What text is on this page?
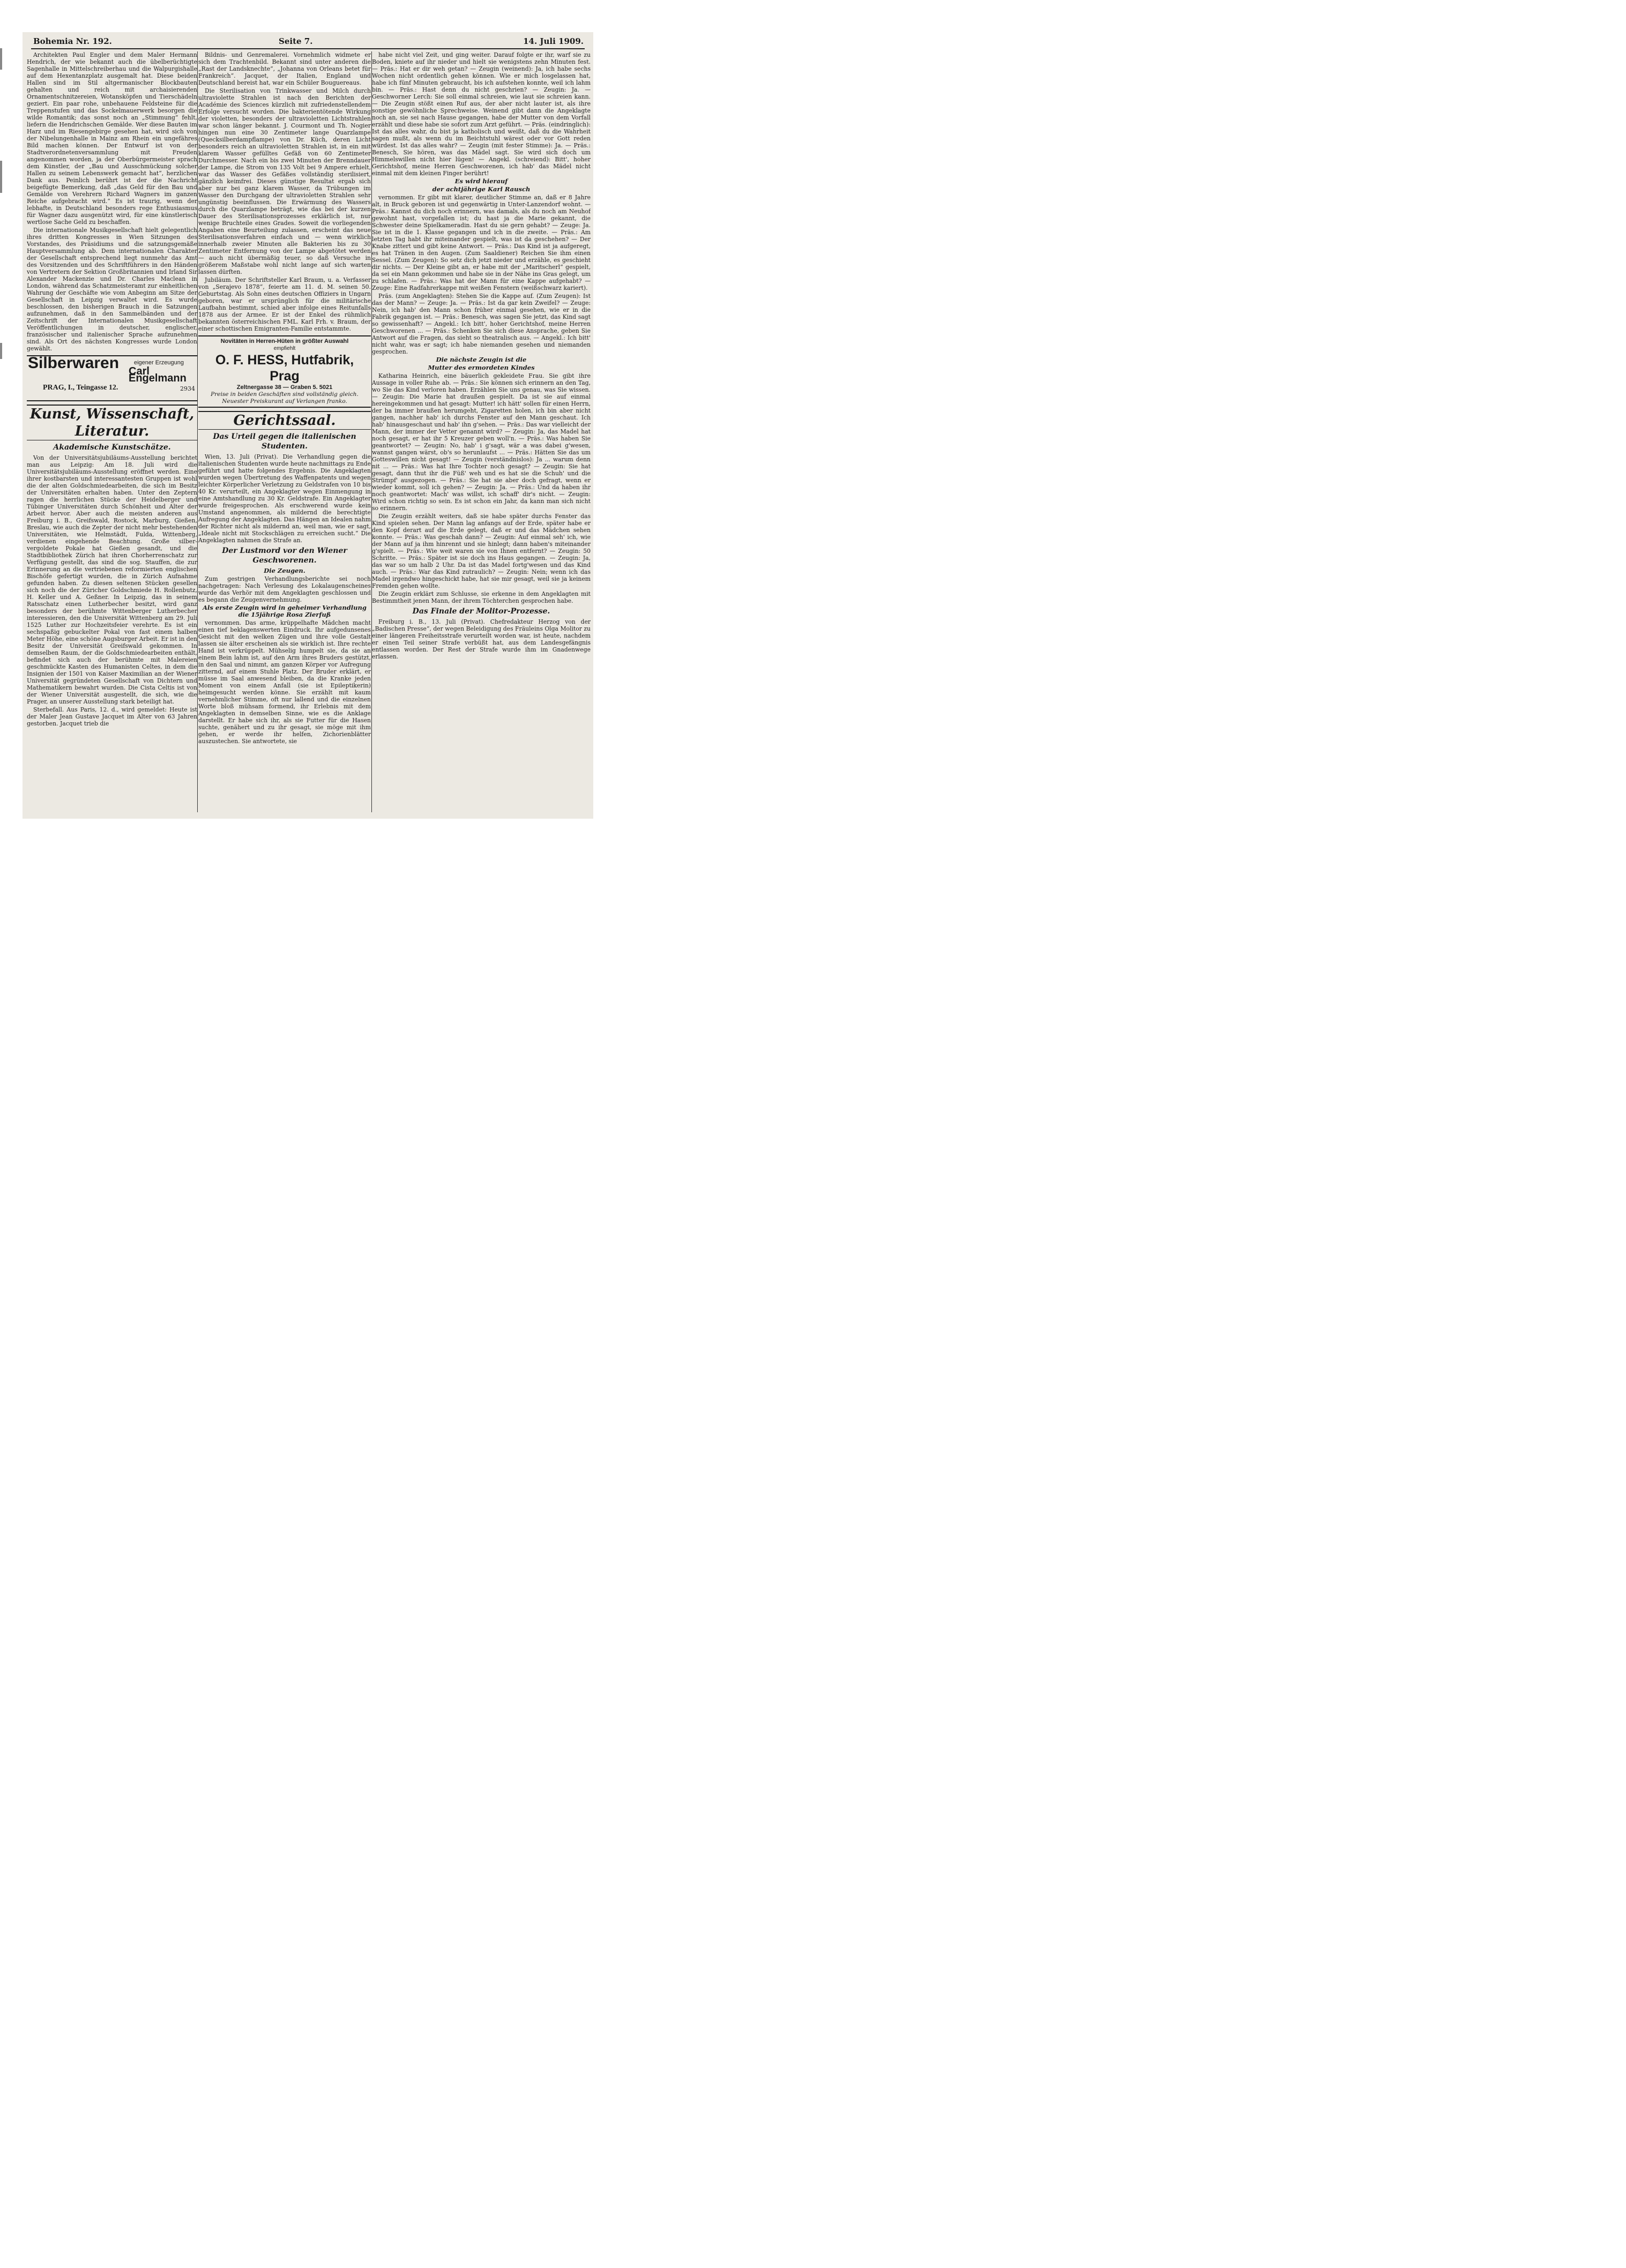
Bohemia Nr. 192.	Seite 7.	14. Juli 1909.

Architekten Paul Engler und dem Maler Hermann Hendrich, der wie bekannt auch die übelberüchtigte Sagenhalle in Mittelschreiberhau und die Walpurgishalle auf dem Hexentanzplatz ausgemalt hat. Diese beiden Hallen sind im Stil altgermanischer Blockbauten gehalten und reich mit archaisierenden Ornamentschnitzereien, Wotansköpfen und Tierschädeln geziert. Ein paar rohe, unbehauene Feldsteine für die Treppenstufen und das Sockelmauerwerk besorgen die wilde Romantik; das sonst noch an „Stimmung“ fehlt, liefern die Hendrichschen Gemälde. Wer diese Bauten im Harz und im Riesengebirge gesehen hat, wird sich von der Nibelungenhalle in Mainz am Rhein ein ungefähres Bild machen können. Der Entwurf ist von der Stadtverordnetenversammlung mit Freuden angenommen worden, ja der Oberbürgermeister sprach dem Künstler, der „Bau und Ausschmückung solcher Hallen zu seinem Lebenswerk gemacht hat“, herzlichen Dank aus. Peinlich berührt ist der die Nachricht beigefügte Bemerkung, daß „das Geld für den Bau und Gemälde von Verehrern Richard Wagners im ganzen Reiche aufgebracht wird.“ Es ist traurig, wenn der lebhafte, in Deutschland besonders rege Enthusiasmus für Wagner dazu ausgenützt wird, für eine künstlerisch wertlose Sache Geld zu beschaffen.

Die internationale Musikgesellschaft hielt gelegentlich ihres dritten Kongresses in Wien Sitzungen des Vorstandes, des Präsidiums und die satzungsgemäße Hauptversammlung ab. Dem internationalen Charakter der Gesellschaft entsprechend liegt nunmehr das Amt des Vorsitzenden und des Schriftführers in den Händen von Vertretern der Sektion Großbritannien und Irland Sir Alexander Mackenzie und Dr. Charles Maclean in London, während das Schatzmeisteramt zur einheitlichen Wahrung der Geschäfte wie vom Anbeginn am Sitze der Gesellschaft in Leipzig verwaltet wird. Es wurde beschlossen, den bisherigen Brauch in die Satzungen aufzunehmen, daß in den Sammelbänden und der Zeitschrift der Internationalen Musikgesellschaft Veröffentlichungen in deutscher, englischer, französischer und italienischer Sprache aufzunehmen sind. Als Ort des nächsten Kongresses wurde London gewählt.

Silberwaren	eigener Erzeugung
Carl Engelmann
PRAG, I., Teingasse 12.	2934
Kunst, Wissenschaft, Literatur.
Akademische Kunstschätze.

Von der Universitätsjubiläums-Ausstellung berichtet man aus Leipzig: Am 18. Juli wird die Universitätsjubiläums-Ausstellung eröffnet werden. Eine ihrer kostbarsten und interessantesten Gruppen ist wohl die der alten Goldschmiedearbeiten, die sich im Besitz der Universitäten erhalten haben. Unter den Zeptern ragen die herrlichen Stücke der Heidelberger und Tübinger Universitäten durch Schönheit und Alter der Arbeit hervor. Aber auch die meisten anderen aus Freiburg i. B., Greifswald, Rostock, Marburg, Gießen, Breslau, wie auch die Zepter der nicht mehr bestehenden Universitäten, wie Helmstädt, Fulda, Wittenberg, verdienen eingehende Beachtung. Große silber-vergoldete Pokale hat Gießen gesandt, und die Stadtbibliothek Zürich hat ihren Chorherrenschatz zur Verfügung gestellt, das sind die sog. Stauffen, die zur Erinnerung an die vertriebenen reformierten englischen Bischöfe gefertigt wurden, die in Zürich Aufnahme gefunden haben. Zu diesen seltenen Stücken gesellen sich noch die der Züricher Goldschmiede H. Rollenbutz, H. Keller und A. Geßner. In Leipzig, das in seinem Ratsschatz einen Lutherbecher besitzt, wird ganz besonders der berühmte Wittenberger Lutherbecher interessieren, den die Universität Wittenberg am 29. Juli 1525 Luther zur Hochzeitsfeier verehrte. Es ist ein sechspaßig gebuckelter Pokal von fast einem halben Meter Höhe, eine schöne Augsburger Arbeit. Er ist in den Besitz der Universität Greifswald gekommen. In demselben Raum, der die Goldschmiedearbeiten enthält, befindet sich auch der berühmte mit Malereien geschmückte Kasten des Humanisten Celtes, in dem die Insignien der 1501 von Kaiser Maximilian an der Wiener Universität gegründeten Gesellschaft von Dichtern und Mathematikern bewahrt wurden. Die Cista Celtis ist von der Wiener Universität ausgestellt, die sich, wie die Prager, an unserer Ausstellung stark beteiligt hat.

Sterbefall. Aus Paris, 12. d., wird gemeldet: Heute ist der Maler Jean Gustave Jacquet im Alter von 63 Jahren gestorben. Jacquet trieb die

Bildnis- und Genremalerei. Vornehmlich widmete er sich dem Trachtenbild. Bekannt sind unter anderen die „Rast der Landsknechte“, „Johanna von Orleans betet für Frankreich“. Jacquet, der Italien, England und Deutschland bereist hat, war ein Schüler Bouguereaus.

Die Sterilisation von Trinkwasser und Milch durch ultraviolette Strahlen ist nach den Berichten der Académie des Sciences kürzlich mit zufriedenstellendem Erfolge versucht worden. Die bakterientötende Wirkung der violetten, besonders der ultravioletten Lichtstrahlen war schon länger bekannt. J. Courmont und Th. Nogier hingen nun eine 30 Zentimeter lange Quarzlampe (Quecksilberdampflampe) von Dr. Küch, deren Licht besonders reich an ultravioletten Strahlen ist, in ein mit klarem Wasser gefülltes Gefäß von 60 Zentimeter Durchmesser. Nach ein bis zwei Minuten der Brenndauer der Lampe, die Strom von 135 Volt bei 9 Ampere erhielt, war das Wasser des Gefäßes vollständig sterilisiert, gänzlich keimfrei. Dieses günstige Resultat ergab sich aber nur bei ganz klarem Wasser, da Trübungen im Wasser den Durchgang der ultravioletten Strahlen sehr ungünstig beeinflussen. Die Erwärmung des Wassers durch die Quarzlampe beträgt, wie das bei der kurzen Dauer des Sterilisationsprozesses erklärlich ist, nur wenige Bruchteile eines Grades. Soweit die vorliegenden Angaben eine Beurteilung zulassen, erscheint das neue Sterilisationsverfahren einfach und — wenn wirklich innerhalb zweier Minuten alle Bakterien bis zu 30 Zentimeter Entfernung von der Lampe abgetötet werden — auch nicht übermäßig teuer, so daß Versuche in größerem Maßstabe wohl nicht lange auf sich warten lassen dürften.

Jubiläum. Der Schriftsteller Karl Braum, u. a. Verfasser von „Serajevo 1878“, feierte am 11. d. M. seinen 50. Geburtstag. Als Sohn eines deutschen Offiziers in Ungarn geboren, war er ursprünglich für die militärische Laufbahn bestimmt, schied aber infolge eines Reitunfalls 1878 aus der Armee. Er ist der Enkel des rühmlich bekannten österreichischen FML. Karl Frh. v. Braum, der einer schottischen Emigranten-Familie entstammte.

Novitäten in Herren-Hüten in größter Auswahl
empfiehlt
O. F. HESS, Hutfabrik, Prag
Zeltnergasse 38 — Graben 5. 5021
Preise in beiden Geschäften sind vollständig gleich. Neuester Preiskurant auf Verlangen franko.
Gerichtssaal.
Das Urteil gegen die italienischen Studenten.

Wien, 13. Juli (Privat). Die Verhandlung gegen die italienischen Studenten wurde heute nachmittags zu Ende geführt und hatte folgendes Ergebnis. Die Angeklagten wurden wegen Übertretung des Waffenpatents und wegen leichter Körperlicher Verletzung zu Geldstrafen von 10 bis 40 Kr. verurteilt, ein Angeklagter wegen Einmengung in eine Amtshandlung zu 30 Kr. Geldstrafe. Ein Angeklagter wurde freigesprochen. Als erschwerend wurde kein Umstand angenommen, als mildernd die berechtigte Aufregung der Angeklagten. Das Hängen an Idealen nahm der Richter nicht als mildernd an, weil man, wie er sagt, „Ideale nicht mit Stockschlägen zu erreichen sucht.“ Die Angeklagten nahmen die Strafe an.

Der Lustmord vor den Wiener Geschworenen.
Die Zeugen.

Zum gestrigen Verhandlungsberichte sei noch nachgetragen: Nach Verlesung des Lokalaugenscheines wurde das Verhör mit dem Angeklagten geschlossen und es begann die Zeugenvernehmung.

Als erste Zeugin wird in geheimer Verhandlung die 15jährige Rosa Zierfuß

vernommen. Das arme, krüppelhafte Mädchen macht einen tief beklagenswerten Eindruck. Ihr aufgedunsenes Gesicht mit den welken Zügen und ihre volle Gestalt lassen sie älter erscheinen als sie wirklich ist. Ihre rechte Hand ist verkrüppelt. Mühselig humpelt sie, da sie an einem Bein lahm ist, auf den Arm ihres Bruders gestützt, in den Saal und nimmt, am ganzen Körper vor Aufregung zitternd, auf einem Stuhle Platz. Der Bruder erklärt, er müsse im Saal anwesend bleiben, da die Kranke jeden Moment von einem Anfall (sie ist Epileptikerin) heimgesucht werden könne. Sie erzählt mit kaum vernehmlicher Stimme, oft nur lallend und die einzelnen Worte bloß mühsam formend, ihr Erlebnis mit dem Angeklagten in demselben Sinne, wie es die Anklage darstellt. Er habe sich ihr, als sie Futter für die Hasen suchte, genähert und zu ihr gesagt, sie möge mit ihm gehen, er werde ihr helfen, Zichorienblätter auszustechen. Sie antwortete, sie

habe nicht viel Zeit, und ging weiter. Darauf folgte er ihr, warf sie zu Boden, kniete auf ihr nieder und hielt sie wenigstens zehn Minuten fest. — Präs.: Hat er dir weh getan? — Zeugin (weinend): Ja, ich habe sechs Wochen nicht ordentlich gehen können. Wie er mich losgelassen hat, habe ich fünf Minuten gebraucht, bis ich aufstehen konnte, weil ich lahm bin. — Präs.: Hast denn du nicht geschrien? — Zeugin: Ja. — Geschworner Lerch: Sie soll einmal schreien, wie laut sie schreien kann. — Die Zeugin stößt einen Ruf aus, der aber nicht lauter ist, als ihre sonstige gewöhnliche Sprechweise. Weinend gibt dann die Angeklagte noch an, sie sei nach Hause gegangen, habe der Mutter von dem Vorfall erzählt und diese habe sie sofort zum Arzt geführt. — Präs. (eindringlich): Ist das alles wahr, du bist ja katholisch und weißt, daß du die Wahrheit sagen mußt, als wenn du im Beichtstuhl wärest oder vor Gott reden würdest. Ist das alles wahr? — Zeugin (mit fester Stimme): Ja. — Präs.: Benesch, Sie hören, was das Mädel sagt. Sie wird sich doch um Himmelswillen nicht hier lügen! — Angekl. (schreiend): Bitt', hoher Gerichtshof, meine Herren Geschworenen, ich hab' das Mädel nicht einmal mit dem kleinen Finger berührt!

Es wird hierauf
der achtjährige Karl Rausch

vernommen. Er gibt mit klarer, deutlicher Stimme an, daß er 8 Jahre alt, in Bruck geboren ist und gegenwärtig in Unter-Lanzendorf wohnt. — Präs.: Kannst du dich noch erinnern, was damals, als du noch am Neuhof gewohnt hast, vorgefallen ist; du hast ja die Marie gekannt, die Schwester deine Spielkameradin. Hast du sie gern gehabt? — Zeuge: Ja. Sie ist in die 1. Klasse gegangen und ich in die zweite. — Präs.: Am letzten Tag habt ihr miteinander gespielt, was ist da geschehen? — Der Knabe zittert und gibt keine Antwort. — Präs.: Das Kind ist ja aufgeregt, es hat Tränen in den Augen. (Zum Saaldiener) Reichen Sie ihm einen Sessel. (Zum Zeugen): So setz dich jetzt nieder und erzähle, es geschieht dir nichts. — Der Kleine gibt an, er habe mit der „Maritscherl“ gespielt, da sei ein Mann gekommen und habe sie in der Nähe ins Gras gelegt, um zu schlafen. — Präs.: Was hat der Mann für eine Kappe aufgehabt? — Zeuge: Eine Radfahrerkappe mit weißen Fenstern (weißschwarz kariert).

Präs. (zum Angeklagten): Stehen Sie die Kappe auf. (Zum Zeugen): Ist das der Mann? — Zeuge: Ja. — Präs.: Ist da gar kein Zweifel? — Zeuge: Nein, ich hab' den Mann schon früher einmal gesehen, wie er in die Fabrik gegangen ist. — Präs.: Benesch, was sagen Sie jetzt, das Kind sagt so gewissenhaft? — Angekl.: Ich bitt', hoher Gerichtshof, meine Herren Geschworenen ... — Präs.: Schenken Sie sich diese Ansprache, geben Sie Antwort auf die Fragen, das sieht so theatralisch aus. — Angekl.: Ich bitt' nicht wahr, was er sagt; ich habe niemanden gesehen und niemanden gesprochen.

Die nächste Zeugin ist die
Mutter des ermordeten Kindes

Katharina Heinrich, eine bäuerlich gekleidete Frau. Sie gibt ihre Aussage in voller Ruhe ab. — Präs.: Sie können sich erinnern an den Tag, wo Sie das Kind verloren haben. Erzählen Sie uns genau, was Sie wissen. — Zeugin: Die Marie hat draußen gespielt. Da ist sie auf einmal hereingekommen und hat gesagt: Mutter! ich hätt' sollen für einen Herrn, der ba immer braußen herumgeht, Zigaretten holen, ich bin aber nicht gangen, nachher hab' ich durchs Fenster auf den Mann geschaut. Ich hab' hinausgeschaut und hab' ihn g'sehen. — Präs.: Das war vielleicht der Mann, der immer der Vetter genannt wird? — Zeugin: Ja, das Madel hat noch gesagt, er hat ihr 5 Kreuzer geben woll'n. — Präs.: Was haben Sie geantwortet? — Zeugin: No, hab' i g'sagt, wär a was dabei g'wesen, wannst gangen wärst, ob's so herunlaufst ... — Präs.: Hätten Sie das um Gotteswillen nicht gesagt! — Zeugin (verständnislos): Ja ... warum denn nit ... — Präs.: Was hat Ihre Tochter noch gesagt? — Zeugin: Sie hat gesagt, dann thut ihr die Füß' weh und es hat sie die Schuh' und die Strümpf' ausgezogen. — Präs.: Sie hat sie aber doch gefragt, wenn er wieder kommt, soll ich gehen? — Zeugin: Ja. — Präs.: Und da haben ihr noch geantwortet: Mach' was willst, ich schaff' dir's nicht. — Zeugin: Wird schon richtig so sein. Es ist schon ein Jahr, da kann man sich nicht so erinnern.

Die Zeugin erzählt weiters, daß sie habe später durchs Fenster das Kind spielen sehen. Der Mann lag anfangs auf der Erde, später habe er den Kopf derart auf die Erde gelegt, daß er und das Mädchen sehen konnte. — Präs.: Was geschah dann? — Zeugin: Auf einmal seh' ich, wie der Mann auf ja ihm hinrennt und sie hinlegt; dann haben's miteinander g'spielt. — Präs.: Wie weit waren sie von Ihnen entfernt? — Zeugin: 50 Schritte. — Präs.: Später ist sie doch ins Haus gegangen. — Zeugin: Ja, das war so um halb 2 Uhr. Da ist das Madel fortg'wesen und das Kind auch. — Präs.: War das Kind zutraulich? — Zeugin: Nein; wenn ich das Madel irgendwo hingeschickt habe, hat sie mir gesagt, weil sie ja keinem Fremden gehen wollte.

Die Zeugin erklärt zum Schlusse, sie erkenne in dem Angeklagten mit Bestimmtheit jenen Mann, der ihrem Töchterchen gesprochen habe.

Das Finale der Molitor-Prozesse.

Freiburg i. B., 13. Juli (Privat). Chefredakteur Herzog von der „Badischen Presse“, der wegen Beleidigung des Fräuleins Olga Molitor zu einer längeren Freiheitsstrafe verurteilt worden war, ist heute, nachdem er einen Teil seiner Strafe verbüßt hat, aus dem Landesgefängnis entlassen worden. Der Rest der Strafe wurde ihm im Gnadenwege erlassen.
